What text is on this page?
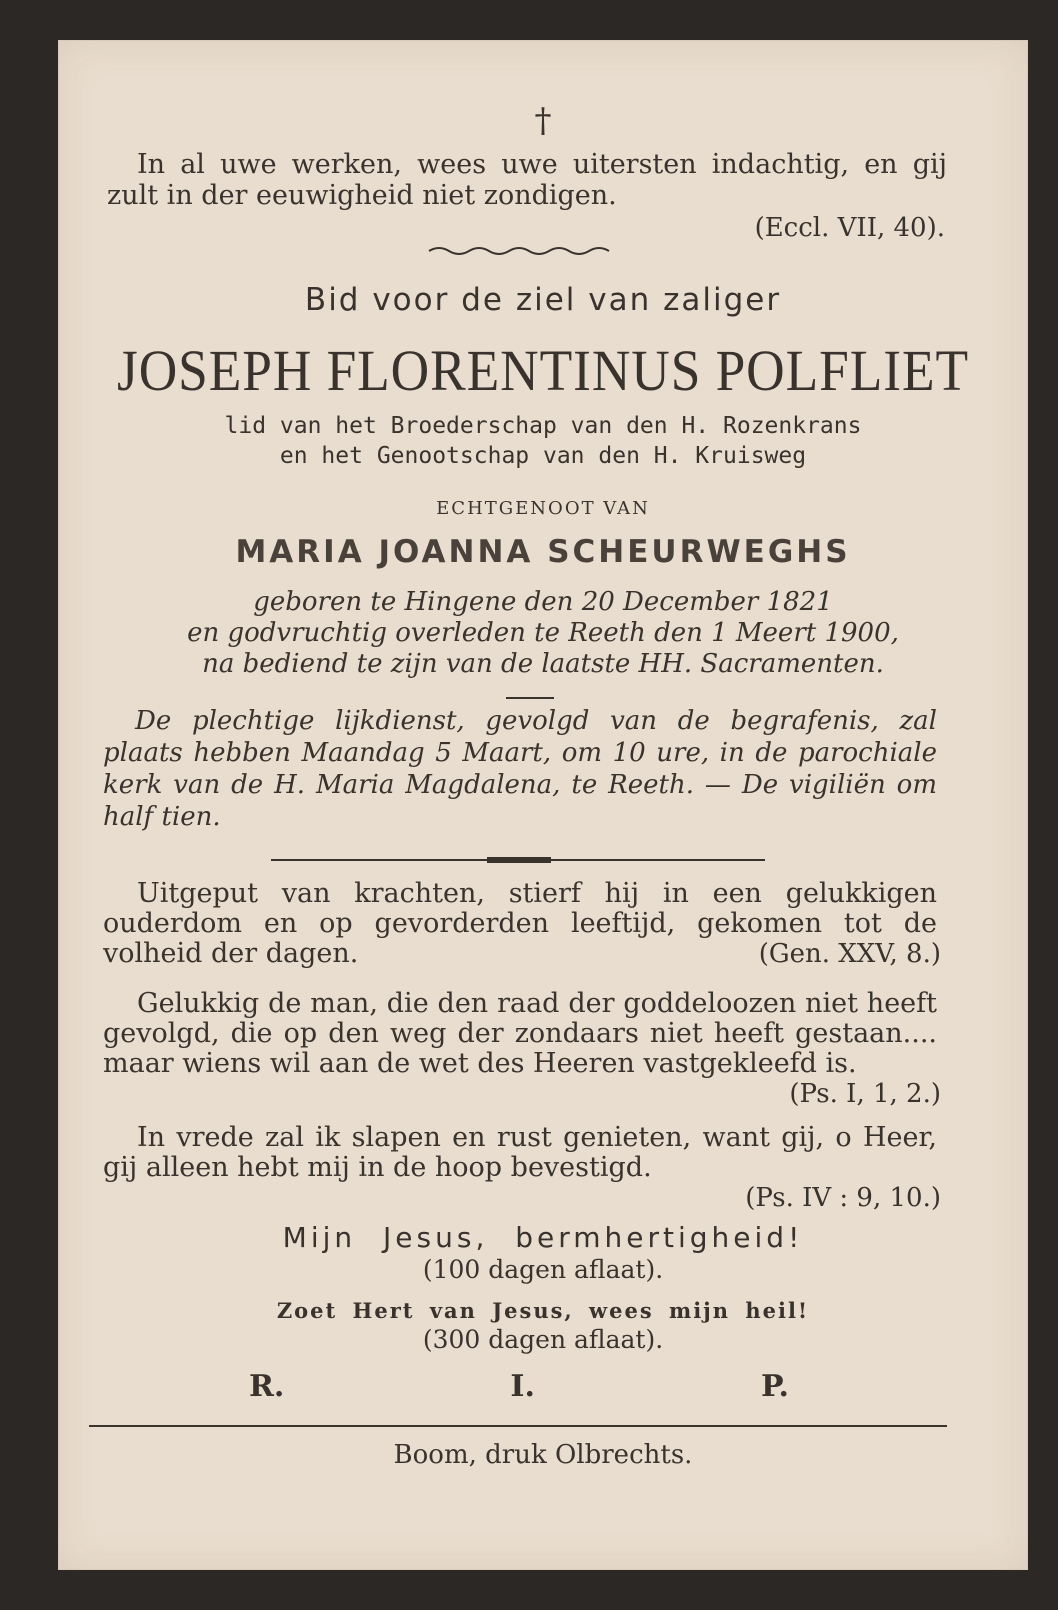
†

In al uwe werken, wees uwe uitersten indachtig, en gij zult in der eeuwigheid niet zondigen.

(Eccl. VII, 40).

Bid voor de ziel van zaliger

JOSEPH FLORENTINUS POLFLIET

lid van het Broederschap van den H. Rozenkrans
en het Genootschap van den H. Kruisweg

ECHTGENOOT VAN

MARIA JOANNA SCHEURWEGHS

geboren te Hingene den 20 December 1821
en godvruchtig overleden te Reeth den 1 Meert 1900,
na bediend te zijn van de laatste HH. Sacramenten.

De plechtige lijkdienst, gevolgd van de begrafenis, zal plaats hebben Maandag 5 Maart, om 10 ure, in de parochiale kerk van de H. Maria Magdalena, te Reeth. — De vigiliën om half tien.

Uitgeput van krachten, stierf hij in een gelukkigen ouderdom en op gevorderden leeftijd, gekomen tot de volheid der dagen.	(Gen. XXV, 8.)

Gelukkig de man, die den raad der goddeloozen niet heeft gevolgd, die op den weg der zondaars niet heeft gestaan.... maar wiens wil aan de wet des Heeren vastgekleefd is.

(Ps. I, 1, 2.)

In vrede zal ik slapen en rust genieten, want gij, o Heer, gij alleen hebt mij in de hoop bevestigd.

(Ps. IV : 9, 10.)

Mijn Jesus, bermhertigheid!

(100 dagen aflaat).

Zoet Hert van Jesus, wees mijn heil!

(300 dagen aflaat).

R.	I.	P.

Boom, druk Olbrechts.
